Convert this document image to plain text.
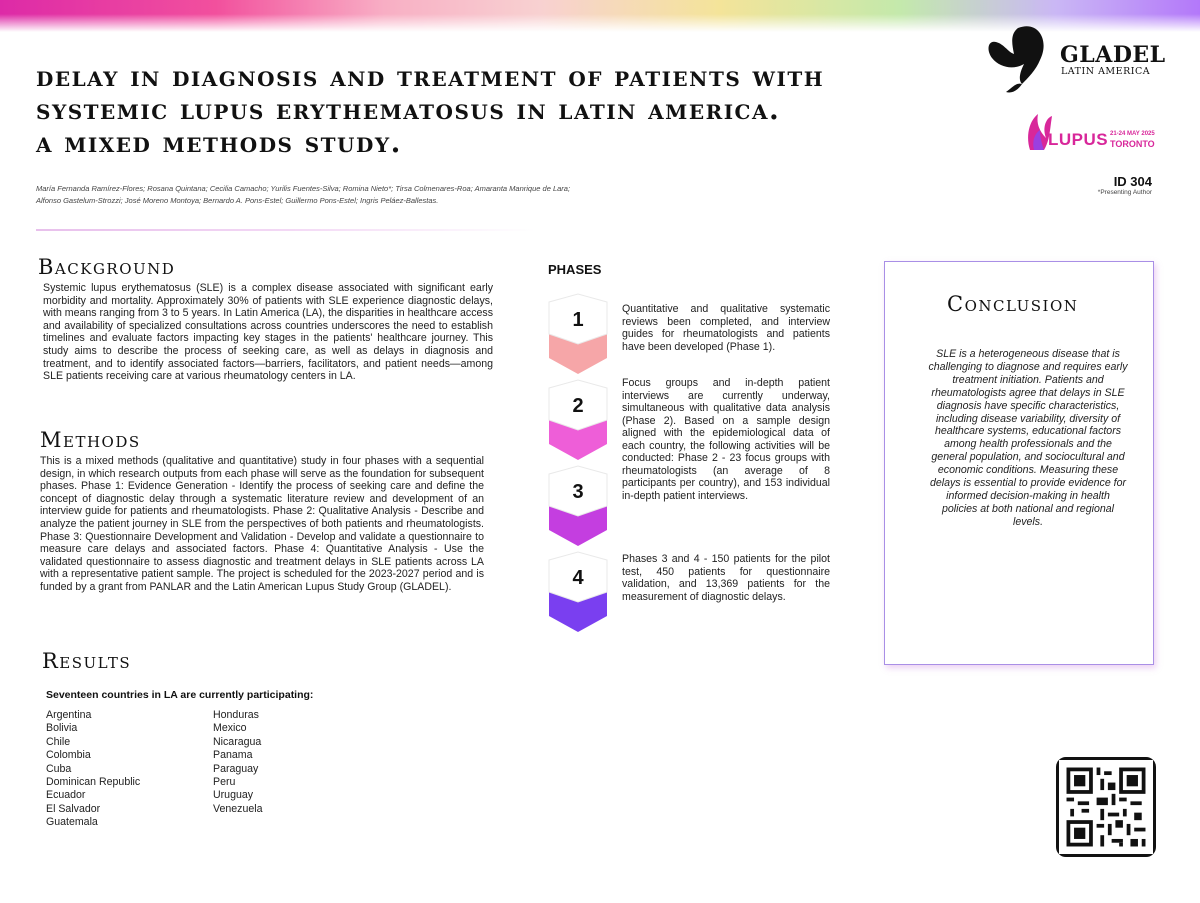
delay in diagnosis and treatment of patients with
systemic lupus erythematosus in latin america.
a mixed methods study.
María Fernanda Ramírez-Flores; Rosana Quintana; Cecilia Camacho; Yurilis Fuentes-Silva; Romina Nieto*; Tirsa Colmenares-Roa; Amaranta Manrique de Lara;
Alfonso Gastelum-Strozzi; José Moreno Montoya; Bernardo A. Pons-Estel; Guillermo Pons-Estel; Ingris Peláez-Ballestas.
ID 304
*Presenting Author
GLADEL
LATIN AMERICA
LUPUS 21-24 MAY 2025
TORONTO
Background
Systemic lupus erythematosus (SLE) is a complex disease associated with significant early morbidity and mortality. Approximately 30% of patients with SLE experience diagnostic delays, with means ranging from 3 to 5 years. In Latin America (LA), the disparities in healthcare access and availability of specialized consultations across countries underscores the need to establish timelines and evaluate factors impacting key stages in the patients' healthcare journey. This study aims to describe the process of seeking care, as well as delays in diagnosis and treatment, and to identify associated factors—barriers, facilitators, and patient needs—among SLE patients receiving care at various rheumatology centers in LA.
Methods
This is a mixed methods (qualitative and quantitative) study in four phases with a sequential design, in which research outputs from each phase will serve as the foundation for subsequent phases. Phase 1: Evidence Generation - Identify the process of seeking care and define the concept of diagnostic delay through a systematic literature review and development of an interview guide for patients and rheumatologists. Phase 2: Qualitative Analysis - Describe and analyze the patient journey in SLE from the perspectives of both patients and rheumatologists. Phase 3: Questionnaire Development and Validation - Develop and validate a questionnaire to measure care delays and associated factors. Phase 4: Quantitative Analysis - Use the validated questionnaire to assess diagnostic and treatment delays in SLE patients across LA with a representative patient sample. The project is scheduled for the 2023-2027 period and is funded by a grant from PANLAR and the Latin American Lupus Study Group (GLADEL).
Results
Seventeen countries in LA are currently participating:
Argentina
Bolivia
Chile
Colombia
Cuba
Dominican Republic
Ecuador
El Salvador
Guatemala
Honduras
Mexico
Nicaragua
Panama
Paraguay
Peru
Uruguay
Venezuela
PHASES
1
2
3
4
Quantitative and qualitative systematic reviews been completed, and interview guides for rheumatologists and patients have been developed (Phase 1).
Focus groups and in-depth patient interviews are currently underway, simultaneous with qualitative data analysis (Phase 2). Based on a sample design aligned with the epidemiological data of each country, the following activities will be conducted: Phase 2 - 23 focus groups with rheumatologists (an average of 8 participants per country), and 153 individual in-depth patient interviews.
Phases 3 and 4 - 150 patients for the pilot test, 450 patients for questionnaire validation, and 13,369 patients for the measurement of diagnostic delays.
Conclusion
SLE is a heterogeneous disease that is challenging to diagnose and requires early treatment initiation. Patients and rheumatologists agree that delays in SLE diagnosis have specific characteristics, including disease variability, diversity of healthcare systems, educational factors among health professionals and the general population, and sociocultural and economic conditions. Measuring these delays is essential to provide evidence for informed decision-making in health policies at both national and regional levels.
